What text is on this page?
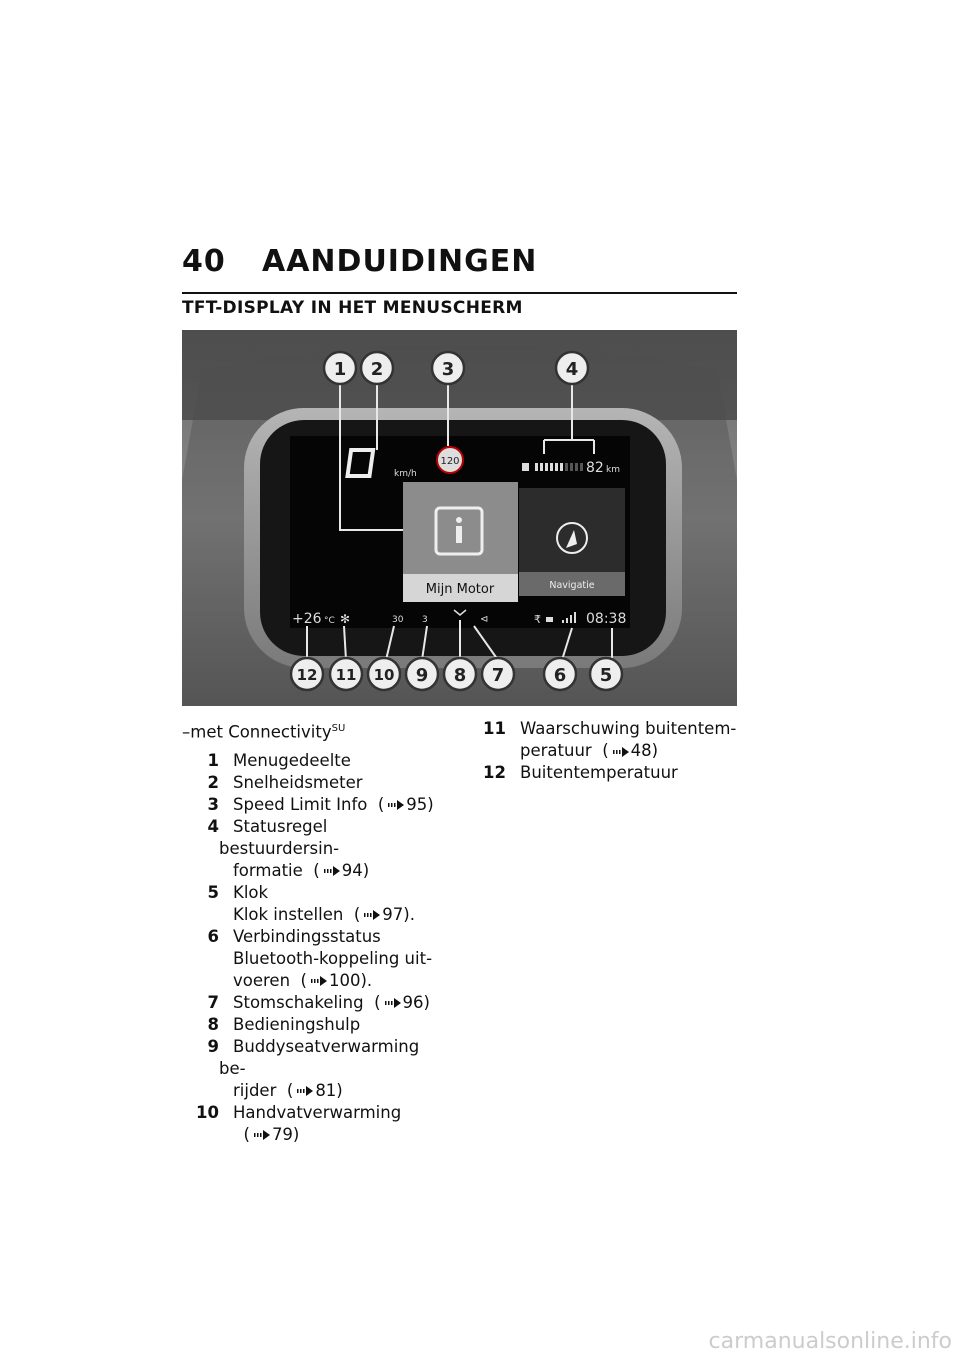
40 AANDUIDINGEN
TFT-DISPLAY IN HET MENUSCHERM
km/h
120	82 km
Mijn Motor	Navigatie
+26 °C ✻	30 3	⊲	₹	08:38
1 2	3	4
5
6
7
8
9
10
11
12
–met Connectivity$^{SU}$
1 Menugedeelte
2 Snelheidsmeter
3 Speed Limit Info  ( 95)
4 Statusregel bestuurdersin-
formatie  ( 94)
5 Klok
Klok instellen  ( 97).
6 Verbindingsstatus
Bluetooth-koppeling uit-
voeren  ( 100).
7 Stomschakeling  ( 96)
8 Bedieningshulp
9 Buddyseatverwarming be-
rijder  ( 81)
10 Handvatverwarming
( 79)
11 Waarschuwing buitentem-
peratuur  ( 48)
12 Buitentemperatuur
carmanualsonline.info
